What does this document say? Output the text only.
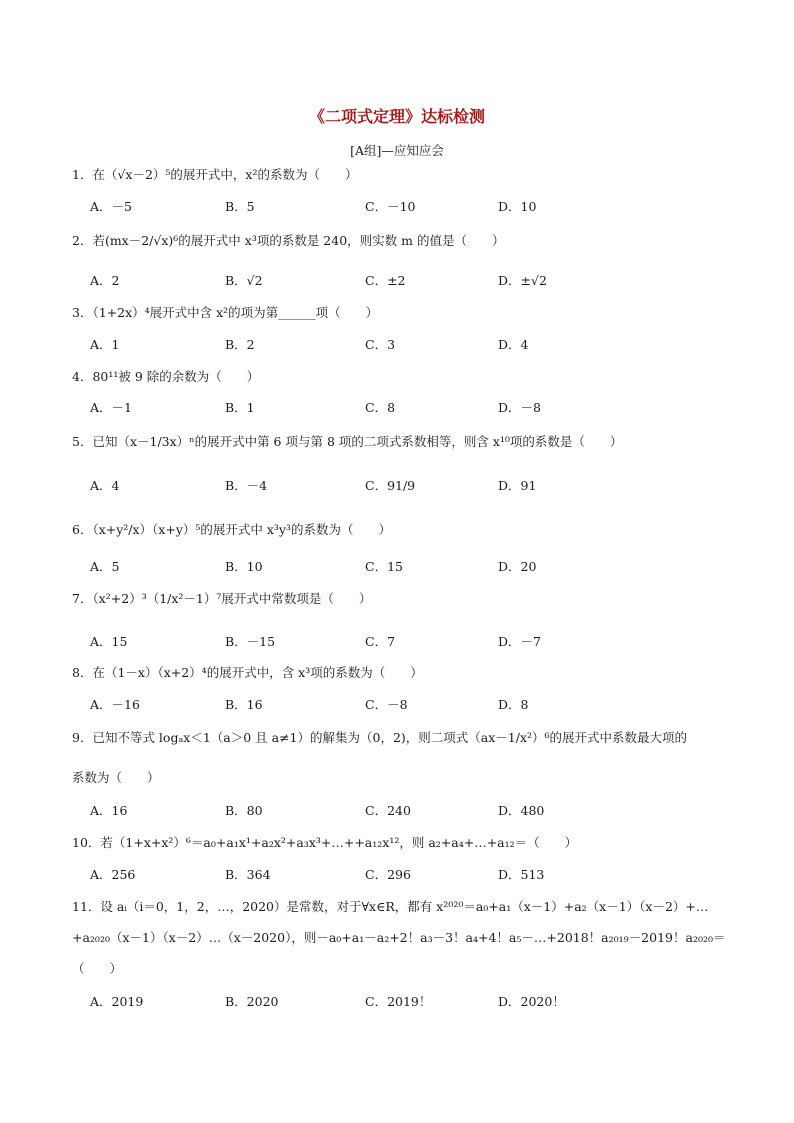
《二项式定理》达标检测
[A组]—应知应会
1．在（√x－2）⁵的展开式中，x²的系数为（　　）
A．－5	B．5	C．－10	D．10
2．若(mx－2/√x)⁶的展开式中 x³项的系数是 240，则实数 m 的值是（　　）
A．2	B．√2	C．±2	D．±√2
3．（1+2x）⁴展开式中含 x²的项为第______项（　　）
A．1	B．2	C．3	D．4
4．80¹¹被 9 除的余数为（　　）
A．－1	B．1	C．8	D．－8
5．已知（x－1/3x）ⁿ的展开式中第 6 项与第 8 项的二项式系数相等，则含 x¹⁰项的系数是（　　）
A．4	B．－4	C．91/9	D．91
6．（x+y²/x）（x+y）⁵的展开式中 x³y³的系数为（　　）
A．5	B．10	C．15	D．20
7．（x²+2）³（1/x²－1）⁷展开式中常数项是（　　）
A．15	B．－15	C．7	D．－7
8．在（1－x）（x+2）⁴的展开式中，含 x³项的系数为（　　）
A．－16	B．16	C．－8	D．8
9．已知不等式 logₐx＜1（a＞0 且 a≠1）的解集为（0，2)，则二项式（ax－1/x²）⁶的展开式中系数最大项的
系数为（　　）
A．16	B．80	C．240	D．480
10．若（1+x+x²）⁶＝a₀+a₁x¹+a₂x²+a₃x³+…++a₁₂x¹²，则 a₂+a₄+…+a₁₂＝（　　）
A．256	B．364	C．296	D．513
11．设 aᵢ（i＝0，1，2，…，2020）是常数，对于∀x∈R，都有 x²⁰²⁰＝a₀+a₁（x－1）+a₂（x－1）（x－2）+…
+a₂₀₂₀（x－1）（x－2）…（x－2020），则－a₀+a₁－a₂+2！a₃－3！a₄+4！a₅－…+2018！a₂₀₁₉－2019！a₂₀₂₀＝
（　　）
A．2019	B．2020	C．2019！	D．2020！
